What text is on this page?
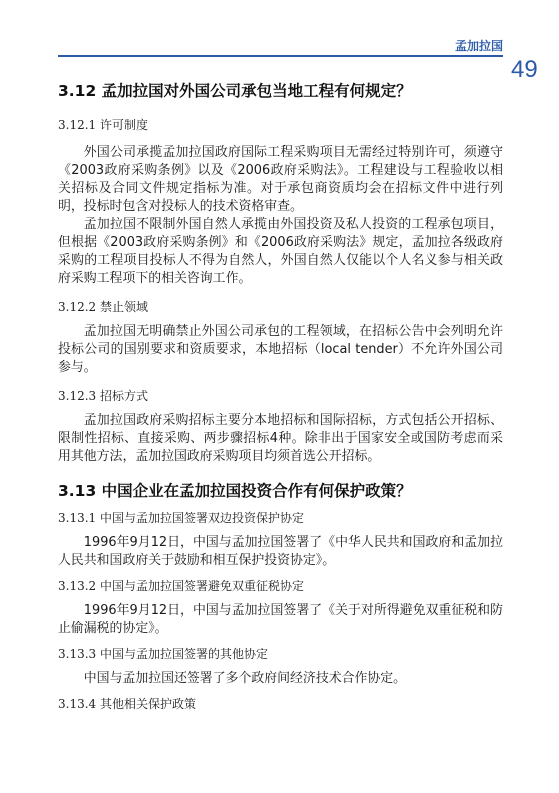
孟加拉国
49
3.12 孟加拉国对外国公司承包当地工程有何规定？
3.12.1 许可制度

外国公司承揽孟加拉国政府国际工程采购项目无需经过特别许可，须遵守《2003政府采购条例》以及《2006政府采购法》。工程建设与工程验收以相关招标及合同文件规定指标为准。对于承包商资质均会在招标文件中进行列明，投标时包含对投标人的技术资格审查。

孟加拉国不限制外国自然人承揽由外国投资及私人投资的工程承包项目，但根据《2003政府采购条例》和《2006政府采购法》规定，孟加拉各级政府采购的工程项目投标人不得为自然人，外国自然人仅能以个人名义参与相关政府采购工程项下的相关咨询工作。

3.12.2 禁止领域

孟加拉国无明确禁止外国公司承包的工程领域，在招标公告中会列明允许投标公司的国别要求和资质要求，本地招标（local tender）不允许外国公司参与。

3.12.3 招标方式

孟加拉国政府采购招标主要分本地招标和国际招标，方式包括公开招标、限制性招标、直接采购、两步骤招标4种。除非出于国家安全或国防考虑而采用其他方法，孟加拉国政府采购项目均须首选公开招标。

3.13 中国企业在孟加拉国投资合作有何保护政策？
3.13.1 中国与孟加拉国签署双边投资保护协定

1996年9月12日，中国与孟加拉国签署了《中华人民共和国政府和孟加拉人民共和国政府关于鼓励和相互保护投资协定》。

3.13.2 中国与孟加拉国签署避免双重征税协定

1996年9月12日，中国与孟加拉国签署了《关于对所得避免双重征税和防止偷漏税的协定》。

3.13.3 中国与孟加拉国签署的其他协定

中国与孟加拉国还签署了多个政府间经济技术合作协定。

3.13.4 其他相关保护政策
